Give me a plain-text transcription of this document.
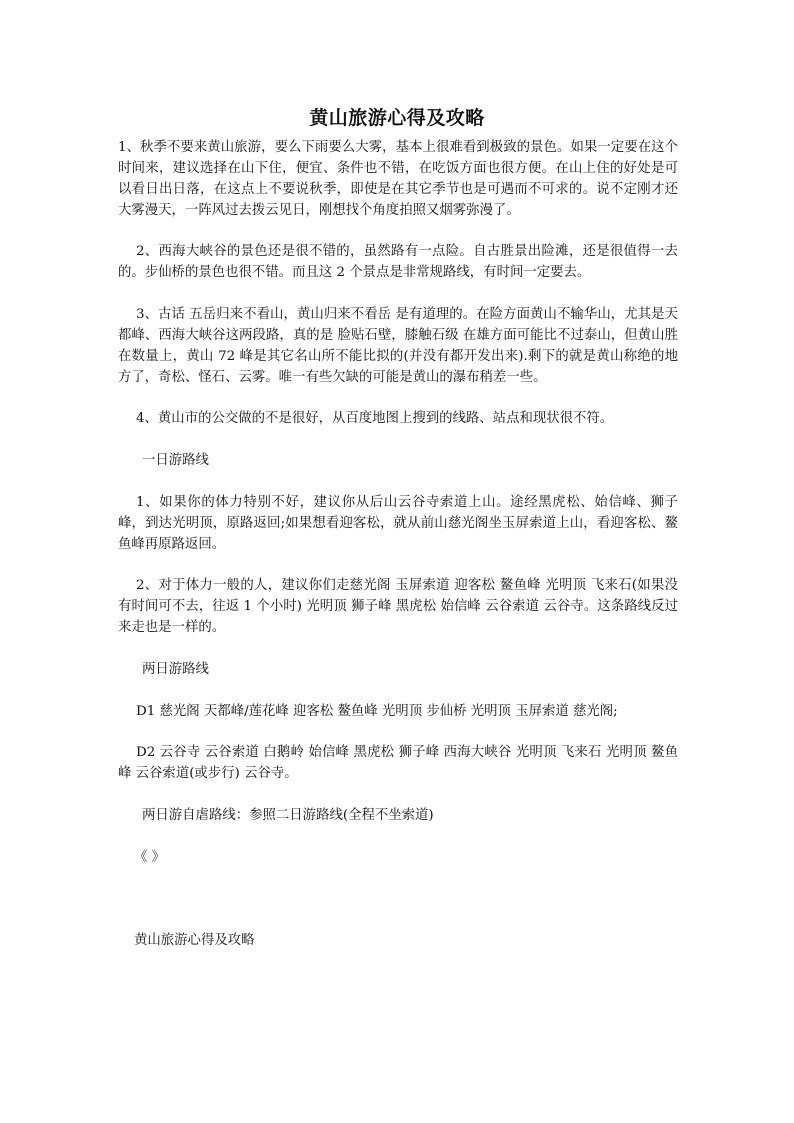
黄山旅游心得及攻略

1、秋季不要来黄山旅游，要么下雨要么大雾，基本上很难看到极致的景色。如果一定要在这个时间来，建议选择在山下住，便宜、条件也不错，在吃饭方面也很方便。在山上住的好处是可以看日出日落，在这点上不要说秋季，即使是在其它季节也是可遇而不可求的。说不定刚才还大雾漫天，一阵风过去拨云见日，刚想找个角度拍照又烟雾弥漫了。

2、西海大峡谷的景色还是很不错的，虽然路有一点险。自古胜景出险滩，还是很值得一去的。步仙桥的景色也很不错。而且这 2 个景点是非常规路线，有时间一定要去。

3、古话 五岳归来不看山，黄山归来不看岳 是有道理的。在险方面黄山不输华山，尤其是天都峰、西海大峡谷这两段路，真的是 脸贴石壁，膝触石级 在雄方面可能比不过泰山，但黄山胜在数量上，黄山 72 峰是其它名山所不能比拟的(并没有都开发出来).剩下的就是黄山称绝的地方了，奇松、怪石、云雾。唯一有些欠缺的可能是黄山的瀑布稍差一些。

4、黄山市的公交做的不是很好，从百度地图上搜到的线路、站点和现状很不符。

一日游路线

1、如果你的体力特别不好，建议你从后山云谷寺索道上山。途经黑虎松、始信峰、狮子峰，到达光明顶，原路返回;如果想看迎客松，就从前山慈光阁坐玉屏索道上山，看迎客松、鳌鱼峰再原路返回。

2、对于体力一般的人，建议你们走慈光阁 玉屏索道 迎客松 鳌鱼峰 光明顶 飞来石(如果没有时间可不去，往返 1 个小时) 光明顶 狮子峰 黑虎松 始信峰 云谷索道 云谷寺。这条路线反过来走也是一样的。

两日游路线

D1 慈光阁 天都峰/莲花峰 迎客松 鳌鱼峰 光明顶 步仙桥 光明顶 玉屏索道 慈光阁;

D2 云谷寺 云谷索道 白鹅岭 始信峰 黑虎松 狮子峰 西海大峡谷 光明顶 飞来石 光明顶 鳌鱼峰 云谷索道(或步行) 云谷寺。

两日游自虐路线：参照二日游路线(全程不坐索道)

《 》

黄山旅游心得及攻略
